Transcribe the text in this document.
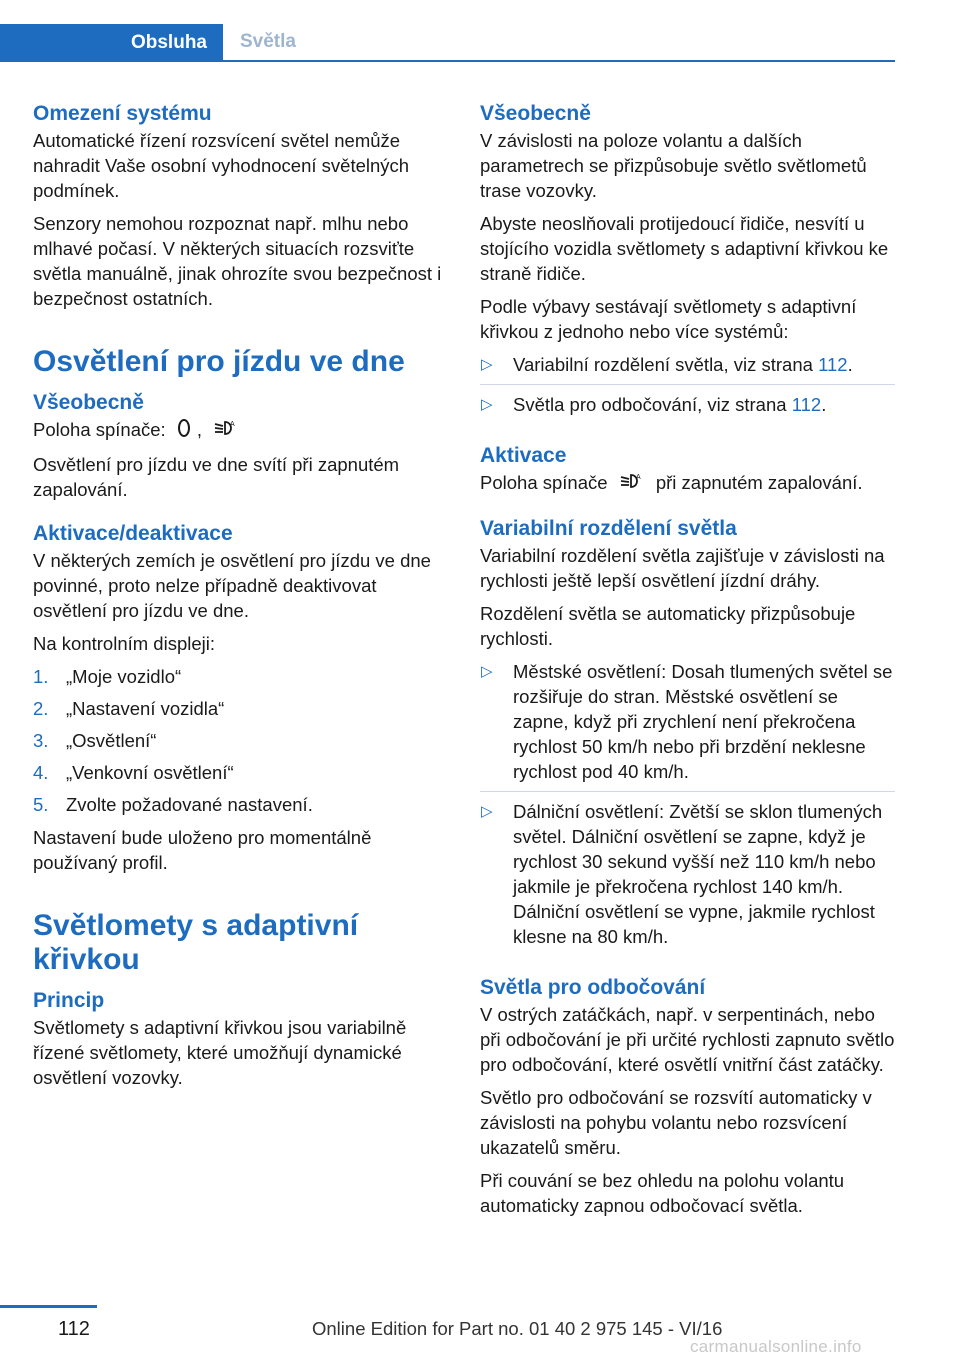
Obsluha	Světla
Omezení systému

Automatické řízení rozsvícení světel nemůže nahradit Vaše osobní vyhodnocení světelných podmínek.

Senzory nemohou rozpoznat např. mlhu nebo mlhavé počasí. V některých situacích rozsviťte světla manuálně, jinak ohrozíte svou bezpečnost i bezpečnost ostatních.

Osvětlení pro jízdu ve dne
Všeobecně

Poloha spínače: ,	A

Osvětlení pro jízdu ve dne svítí při zapnutém zapalování.

Aktivace/deaktivace

V některých zemích je osvětlení pro jízdu ve dne povinné, proto nelze případně deaktivovat osvětlení pro jízdu ve dne.

Na kontrolním displeji:

1. „Moje vozidlo“
2. „Nastavení vozidla“
3. „Osvětlení“
4. „Venkovní osvětlení“
5. Zvolte požadované nastavení.

Nastavení bude uloženo pro momentálně používaný profil.

Světlomety s adaptivní křivkou
Princip

Světlomety s adaptivní křivkou jsou variabilně řízené světlomety, které umožňují dynamické osvětlení vozovky.

Všeobecně

V závislosti na poloze volantu a dalších parametrech se přizpůsobuje světlo světlometů trase vozovky.

Abyste neoslňovali protijedoucí řidiče, nesvítí u stojícího vozidla světlomety s adaptivní křivkou ke straně řidiče.

Podle výbavy sestávají světlomety s adaptivní křivkou z jednoho nebo více systémů:

▷ Variabilní rozdělení světla, viz strana 112.
▷ Světla pro odbočování, viz strana 112.
Aktivace

Poloha spínače	A při zapnutém zapalování.

Variabilní rozdělení světla

Variabilní rozdělení světla zajišťuje v závislosti na rychlosti ještě lepší osvětlení jízdní dráhy.

Rozdělení světla se automaticky přizpůsobuje rychlosti.

▷ Městské osvětlení: Dosah tlumených světel se rozšiřuje do stran. Městské osvětlení se zapne, když při zrychlení není překročena rychlost 50 km/h nebo při brzdění neklesne rychlost pod 40 km/h.
▷ Dálniční osvětlení: Zvětší se sklon tlumených světel. Dálniční osvětlení se zapne, když je rychlost 30 sekund vyšší než 110 km/h nebo jakmile je překročena rychlost 140 km/h. Dálniční osvětlení se vypne, jakmile rychlost klesne na 80 km/h.
Světla pro odbočování

V ostrých zatáčkách, např. v serpentinách, nebo při odbočování je při určité rychlosti zapnuto světlo pro odbočování, které osvětlí vnitřní část zatáčky.

Světlo pro odbočování se rozsvítí automaticky v závislosti na pohybu volantu nebo rozsvícení ukazatelů směru.

Při couvání se bez ohledu na polohu volantu automaticky zapnou odbočovací světla.

112	Online Edition for Part no. 01 40 2 975 145 - VI/16
carmanualsonline.info
